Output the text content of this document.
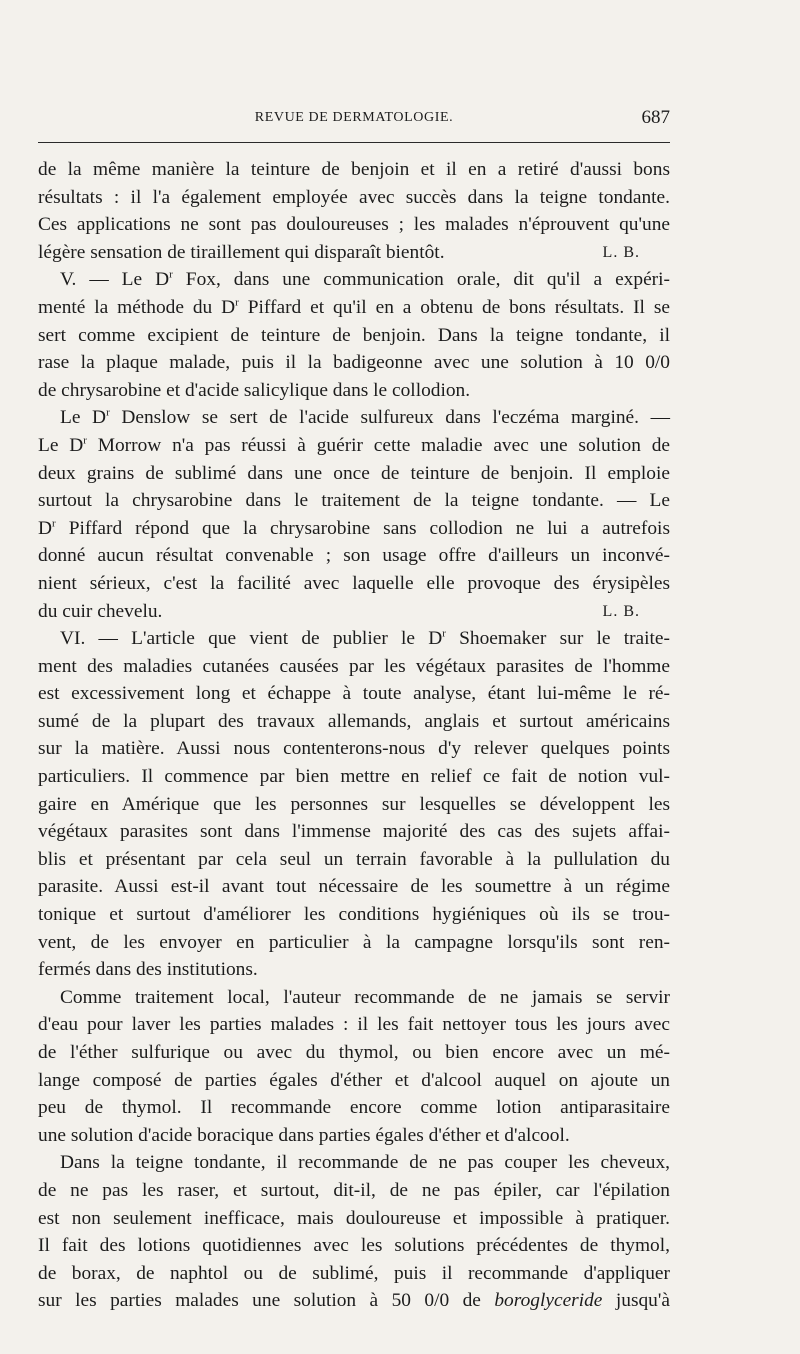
REVUE DE DERMATOLOGIE.	687
de la même manière la teinture de benjoin et il en a retiré d'aussi bons
résultats : il l'a également employée avec succès dans la teigne tondante.
Ces applications ne sont pas douloureuses ; les malades n'éprouvent qu'une
légère sensation de tiraillement qui disparaît bientôt.	L. B.
V. — Le $D^r$ Fox, dans une communication orale, dit qu'il a expéri-
menté la méthode du $D^r$ Piffard et qu'il en a obtenu de bons résultats. Il se
sert comme excipient de teinture de benjoin. Dans la teigne tondante, il
rase la plaque malade, puis il la badigeonne avec une solution à 10 0/0
de chrysarobine et d'acide salicylique dans le collodion.
Le $D^r$ Denslow se sert de l'acide sulfureux dans l'eczéma marginé. —
Le $D^r$ Morrow n'a pas réussi à guérir cette maladie avec une solution de
deux grains de sublimé dans une once de teinture de benjoin. Il emploie
surtout la chrysarobine dans le traitement de la teigne tondante. — Le
$D^r$ Piffard répond que la chrysarobine sans collodion ne lui a autrefois
donné aucun résultat convenable ; son usage offre d'ailleurs un inconvé-
nient sérieux, c'est la facilité avec laquelle elle provoque des érysipèles
du cuir chevelu.	L. B.
VI. — L'article que vient de publier le $D^r$ Shoemaker sur le traite-
ment des maladies cutanées causées par les végétaux parasites de l'homme
est excessivement long et échappe à toute analyse, étant lui-même le ré-
sumé de la plupart des travaux allemands, anglais et surtout américains
sur la matière. Aussi nous contenterons-nous d'y relever quelques points
particuliers. Il commence par bien mettre en relief ce fait de notion vul-
gaire en Amérique que les personnes sur lesquelles se développent les
végétaux parasites sont dans l'immense majorité des cas des sujets affai-
blis et présentant par cela seul un terrain favorable à la pullulation du
parasite. Aussi est-il avant tout nécessaire de les soumettre à un régime
tonique et surtout d'améliorer les conditions hygiéniques où ils se trou-
vent, de les envoyer en particulier à la campagne lorsqu'ils sont ren-
fermés dans des institutions.
Comme traitement local, l'auteur recommande de ne jamais se servir
d'eau pour laver les parties malades : il les fait nettoyer tous les jours avec
de l'éther sulfurique ou avec du thymol, ou bien encore avec un mé-
lange composé de parties égales d'éther et d'alcool auquel on ajoute un
peu de thymol. Il recommande encore comme lotion antiparasitaire
une solution d'acide boracique dans parties égales d'éther et d'alcool.
Dans la teigne tondante, il recommande de ne pas couper les cheveux,
de ne pas les raser, et surtout, dit-il, de ne pas épiler, car l'épilation
est non seulement inefficace, mais douloureuse et impossible à pratiquer.
Il fait des lotions quotidiennes avec les solutions précédentes de thymol,
de borax, de naphtol ou de sublimé, puis il recommande d'appliquer
sur les parties malades une solution à 50 0/0 de boroglyceride jusqu'à
